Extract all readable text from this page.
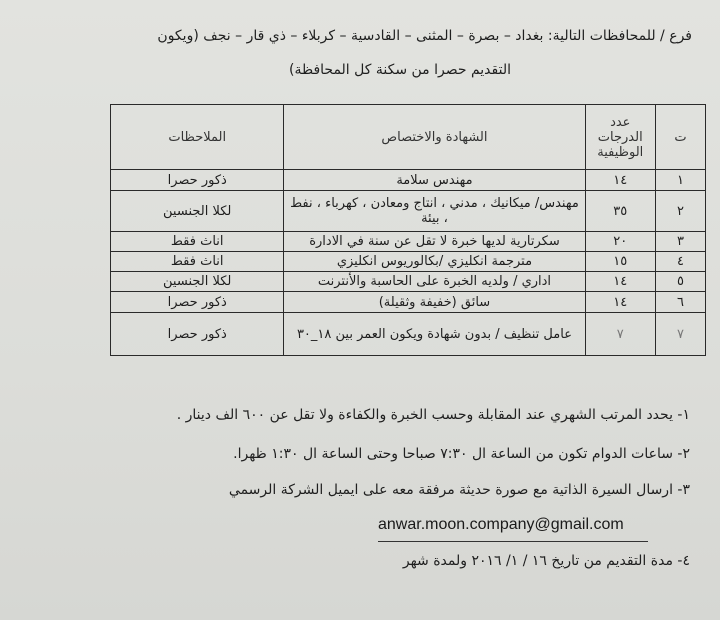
فرع / للمحافظات التالية: بغداد – بصرة – المثنى – القادسية – كربلاء – ذي قار – نجف (ويكون
التقديم حصرا من سكنة كل المحافظة)
ت	عدد الدرجات الوظيفية	الشهادة والاختصاص	الملاحظات
١	١٤	مهندس سلامة	ذكور حصرا
٢	٣٥	مهندس/ ميكانيك ، مدني ، انتاج ومعادن ، كهرباء ، نفط ، بيئة	لكلا الجنسين
٣	٢٠	سكرتارية لديها خبرة لا تقل عن سنة في الادارة	اناث فقط
٤	١٥	مترجمة انكليزي /بكالوريوس انكليزي	اناث فقط
٥	١٤	اداري / ولديه الخبرة على الحاسبة والأنترنت	لكلا الجنسين
٦	١٤	سائق (خفيفة وثقيلة)	ذكور حصرا
٧	٧	عامل تنظيف / بدون شهادة ويكون العمر بين ١٨_٣٠	ذكور حصرا
١- يحدد المرتب الشهري عند المقابلة وحسب الخبرة والكفاءة ولا تقل عن ٦٠٠ الف دينار .
٢- ساعات الدوام تكون من الساعة ال ٧:٣٠ صباحا وحتى الساعة ال ١:٣٠ ظهرا.
٣- ارسال السيرة الذاتية مع صورة حديثة مرفقة معه على ايميل الشركة الرسمي
anwar.moon.company@gmail.com
٤- مدة التقديم من تاريخ ١٦ / ١/ ٢٠١٦ ولمدة شهر
